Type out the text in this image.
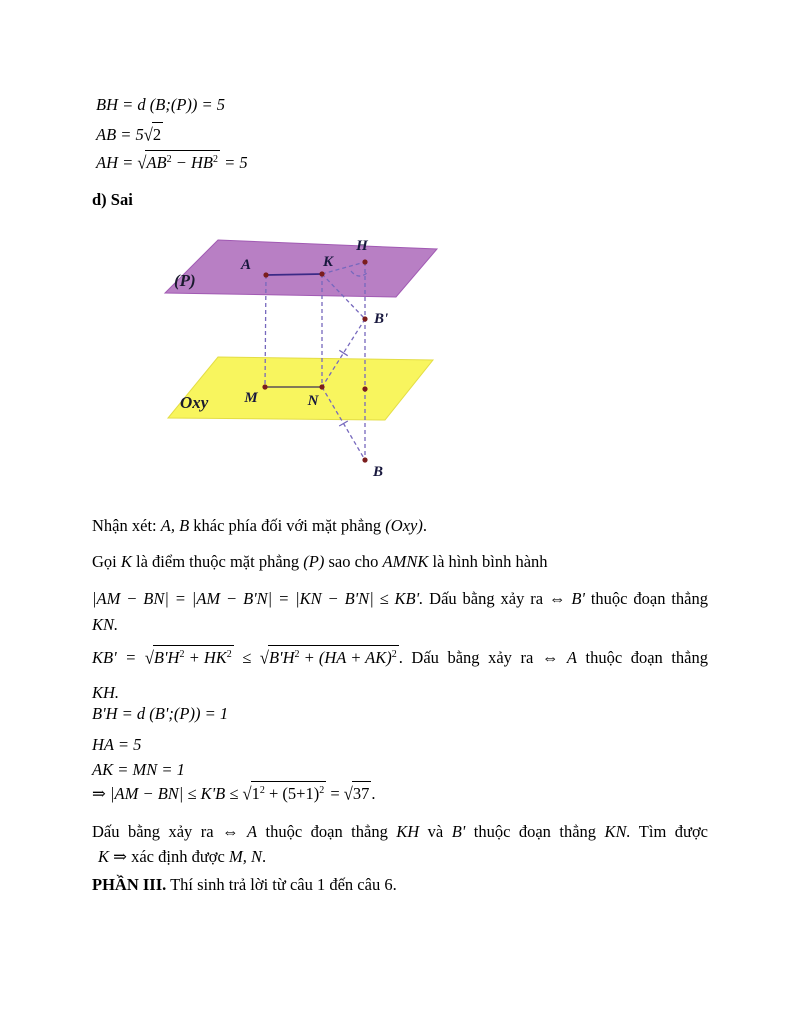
BH = d (B;(P)) = 5
AB = 5√2
AH = $√AB^2 - HB^2 = 5$
d) Sai
(P)
Oxy
A	K
H
B'
M	N
B
Nhận xét: A, B khác phía đối với mặt phẳng (Oxy).
Gọi K là điểm thuộc mặt phẳng (P) sao cho AMNK là hình bình hành
|AM − BN| = |AM − B'N| = |KN − B'N| ≤ KB'. Dấu bằng xảy ra ⇔ B' thuộc đoạn thẳng
KN.
$KB' = √B'H^2 + HK^2 \le √B'H^2 + (HA + AK)^2$ . Dấu bằng xảy ra ⇔ A thuộc đoạn thẳng
KH.
B'H = d (B';(P)) = 1
HA = 5
AK = MN = 1
⇒ $|AM - BN| \le K'B \le √1^2 + (5+1)^2 = √37$ .
Dấu bằng xảy ra ⇔ A thuộc đoạn thẳng KH và B' thuộc đoạn thẳng KN. Tìm được
K ⇒ xác định được M, N.
PHẦN III. Thí sinh trả lời từ câu 1 đến câu 6.
